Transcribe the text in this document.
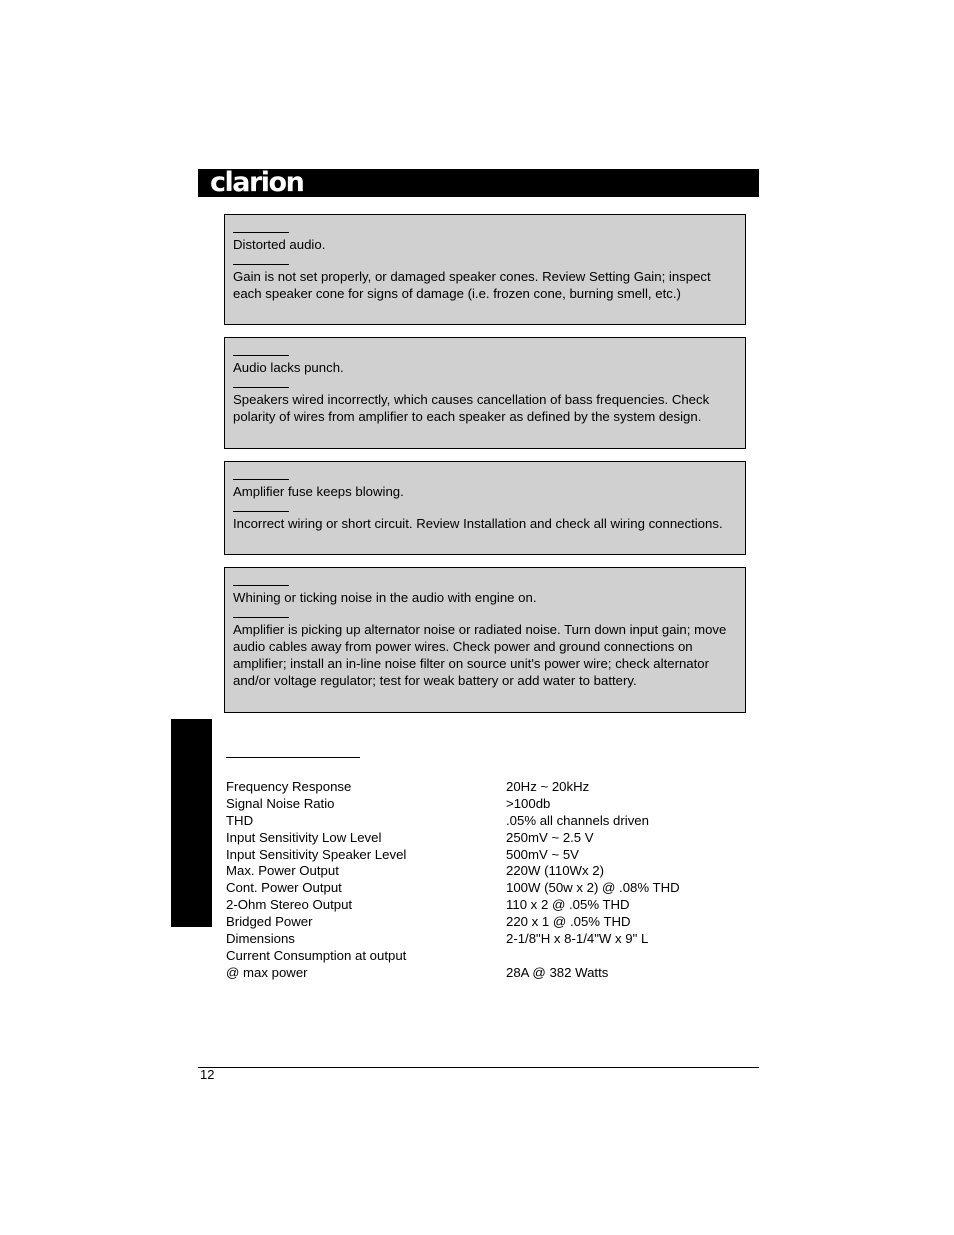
clarion
Distorted audio.
Gain is not set properly, or damaged speaker cones. Review Setting Gain; inspect each speaker cone for signs of damage (i.e. frozen cone, burning smell, etc.)
Audio lacks punch.
Speakers wired incorrectly, which causes cancellation of bass frequencies. Check polarity of wires from amplifier to each speaker as defined by the system design.
Amplifier fuse keeps blowing.
Incorrect wiring or short circuit. Review Installation and check all wiring connections.
Whining or ticking noise in the audio with engine on.
Amplifier is picking up alternator noise or radiated noise. Turn down input gain; move audio cables away from power wires. Check power and ground connections on amplifier; install an in-line noise filter on source unit's power wire; check alternator and/or voltage regulator; test for weak battery or add water to battery.
Frequency Response	20Hz ~ 20kHz
Signal Noise Ratio	>100db
THD	.05% all channels driven
Input Sensitivity Low Level	250mV ~ 2.5 V
Input Sensitivity Speaker Level	500mV ~ 5V
Max. Power Output	220W (110Wx 2)
Cont. Power Output	100W (50w x 2) @ .08% THD
2-Ohm Stereo Output	110 x 2 @ .05% THD
Bridged Power	220 x 1 @ .05% THD
Dimensions	2-1/8"H x 8-1/4"W x 9" L
Current Consumption at output
@ max power	28A @ 382 Watts
12
